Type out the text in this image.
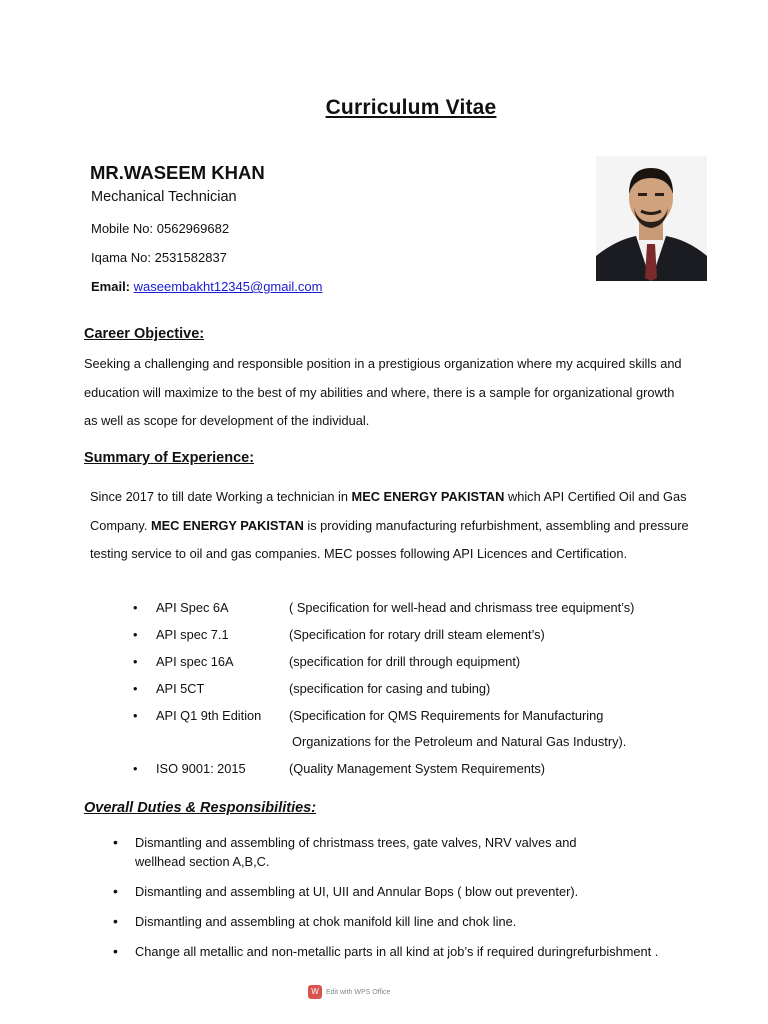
Curriculum Vitae
MR.WASEEM KHAN
Mechanical Technician
Mobile No: 0562969682
Iqama No: 2531582837
Email: waseembakht12345@gmail.com
Career Objective:
Seeking a challenging and responsible position in a prestigious organization where my acquired skills and
education will maximize to the best of my abilities and where, there is a sample for organizational growth
as well as scope for development of the individual.
Summary of Experience:
Since 2017 to till date Working a technician in MEC ENERGY PAKISTAN which API Certified Oil and Gas
Company. MEC ENERGY PAKISTAN is providing manufacturing refurbishment, assembling and pressure
testing service to oil and gas companies. MEC posses following API Licences and Certification.
• API Spec 6A	( Specification for well-head and chrismass tree equipment’s)
• API spec 7.1	(Specification for rotary drill steam element’s)
• API spec 16A	(specification for drill through equipment)
• API 5CT	(specification for casing and tubing)
• API Q1 9th Edition (Specification for QMS Requirements for Manufacturing
Organizations for the Petroleum and Natural Gas Industry).
• ISO 9001: 2015	(Quality Management System Requirements)
Overall Duties & Responsibilities:
• Dismantling and assembling of christmass trees, gate valves, NRV valves and
wellhead section A,B,C.
• Dismantling and assembling at UI, UII and Annular Bops ( blow out preventer).
• Dismantling and assembling at chok manifold kill line and chok line.
• Change all metallic and non-metallic parts in all kind at job’s if required duringrefurbishment .
W	Edit with WPS Office
